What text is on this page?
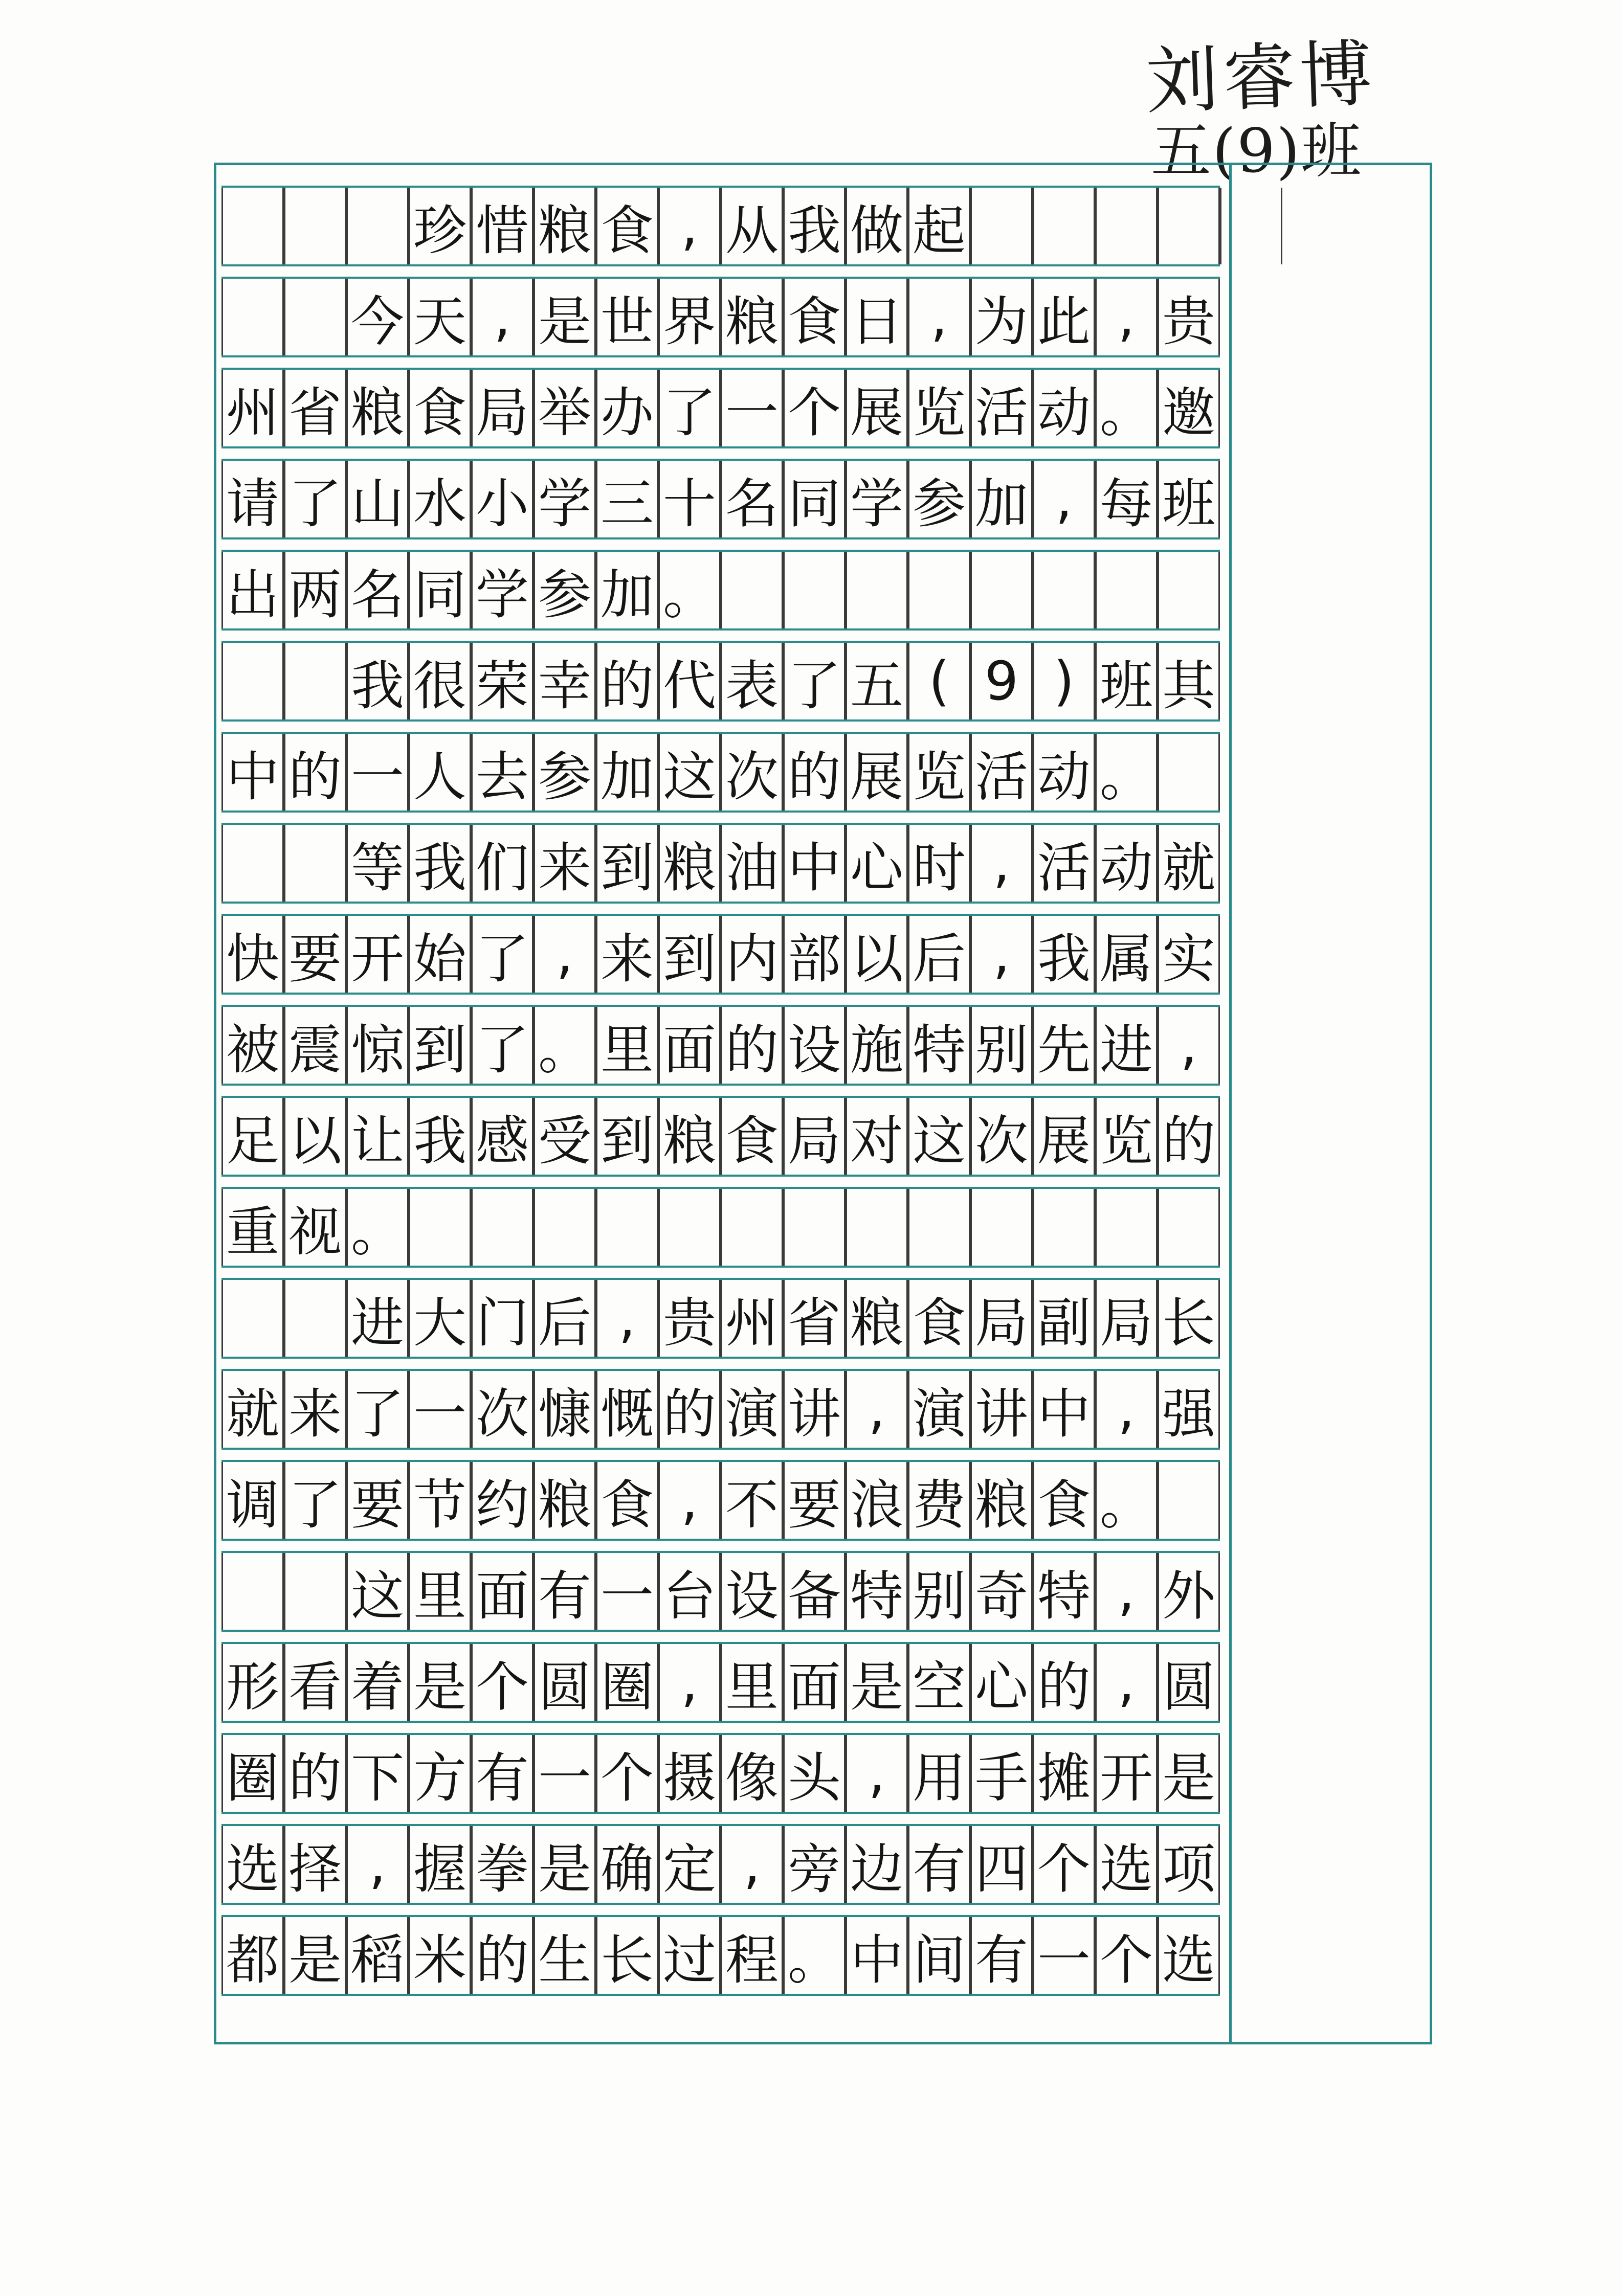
刘睿博
五(9)班
珍 惜 粮 食 , 从 我 做 起
今 天 , 是 世 界 粮 食 日 , 为 此 , 贵
州 省 粮 食 局 举 办 了 一 个 展 览 活 动 。 邀
请 了 山 水 小 学 三 十 名 同 学 参 加 , 每 班
出 两 名 同 学 参 加 。
我 很 荣 幸 的 代 表 了 五 ( 9 ) 班 其
中 的 一 人 去 参 加 这 次 的 展 览 活 动 。
等 我 们 来 到 粮 油 中 心 时 , 活 动 就
快 要 开 始 了 , 来 到 内 部 以 后 , 我 属 实
被 震 惊 到 了 。 里 面 的 设 施 特 别 先 进 ,
足 以 让 我 感 受 到 粮 食 局 对 这 次 展 览 的
重 视 。
进 大 门 后 , 贵 州 省 粮 食 局 副 局 长
就 来 了 一 次 慷 慨 的 演 讲 , 演 讲 中 , 强
调 了 要 节 约 粮 食 , 不 要 浪 费 粮 食 。
这 里 面 有 一 台 设 备 特 别 奇 特 , 外
形 看 着 是 个 圆 圈 , 里 面 是 空 心 的 , 圆
圈 的 下 方 有 一 个 摄 像 头 , 用 手 摊 开 是
选 择 , 握 拳 是 确 定 , 旁 边 有 四 个 选 项
都 是 稻 米 的 生 长 过 程 。 中 间 有 一 个 选
